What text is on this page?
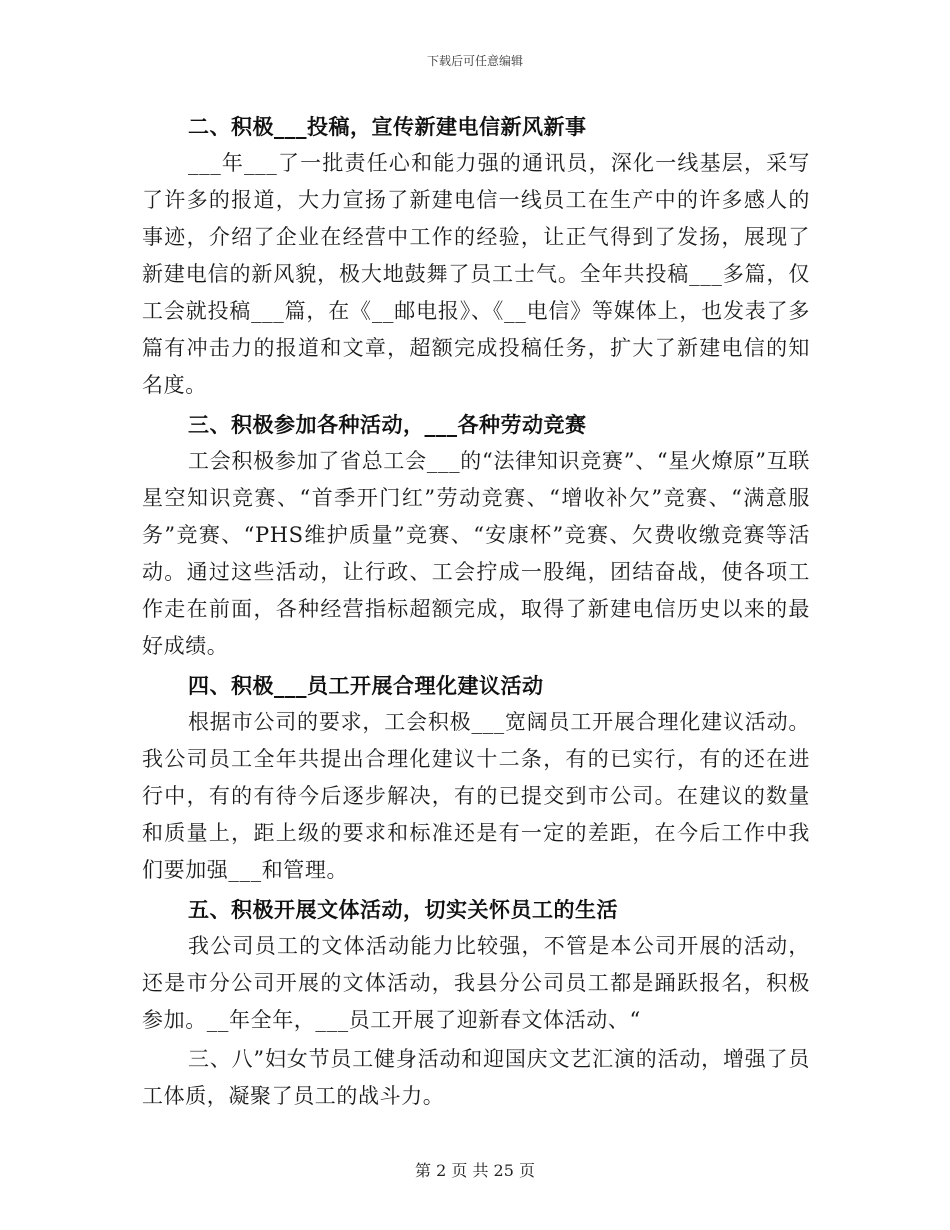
下载后可任意编辑

二、积极___投稿，宣传新建电信新风新事

___年___了一批责任心和能力强的通讯员，深化一线基层，采写了许多的报道，大力宣扬了新建电信一线员工在生产中的许多感人的事迹，介绍了企业在经营中工作的经验，让正气得到了发扬，展现了新建电信的新风貌，极大地鼓舞了员工士气。全年共投稿___多篇，仅工会就投稿___篇，在《__邮电报》、《__电信》等媒体上，也发表了多篇有冲击力的报道和文章，超额完成投稿任务，扩大了新建电信的知名度。

三、积极参加各种活动，___各种劳动竞赛

工会积极参加了省总工会___的“法律知识竞赛”、“星火燎原”互联星空知识竞赛、“首季开门红”劳动竞赛、“增收补欠”竞赛、“满意服务”竞赛、“PHS维护质量”竞赛、“安康杯”竞赛、欠费收缴竞赛等活动。通过这些活动，让行政、工会拧成一股绳，团结奋战，使各项工作走在前面，各种经营指标超额完成，取得了新建电信历史以来的最好成绩。

四、积极___员工开展合理化建议活动

根据市公司的要求，工会积极___宽阔员工开展合理化建议活动。我公司员工全年共提出合理化建议十二条，有的已实行，有的还在进行中，有的有待今后逐步解决，有的已提交到市公司。在建议的数量和质量上，距上级的要求和标准还是有一定的差距，在今后工作中我们要加强___和管理。

五、积极开展文体活动，切实关怀员工的生活

我公司员工的文体活动能力比较强，不管是本公司开展的活动，还是市分公司开展的文体活动，我县分公司员工都是踊跃报名，积极参加。__年全年，___员工开展了迎新春文体活动、“

三、八”妇女节员工健身活动和迎国庆文艺汇演的活动，增强了员工体质，凝聚了员工的战斗力。

第 2 页 共 25 页
